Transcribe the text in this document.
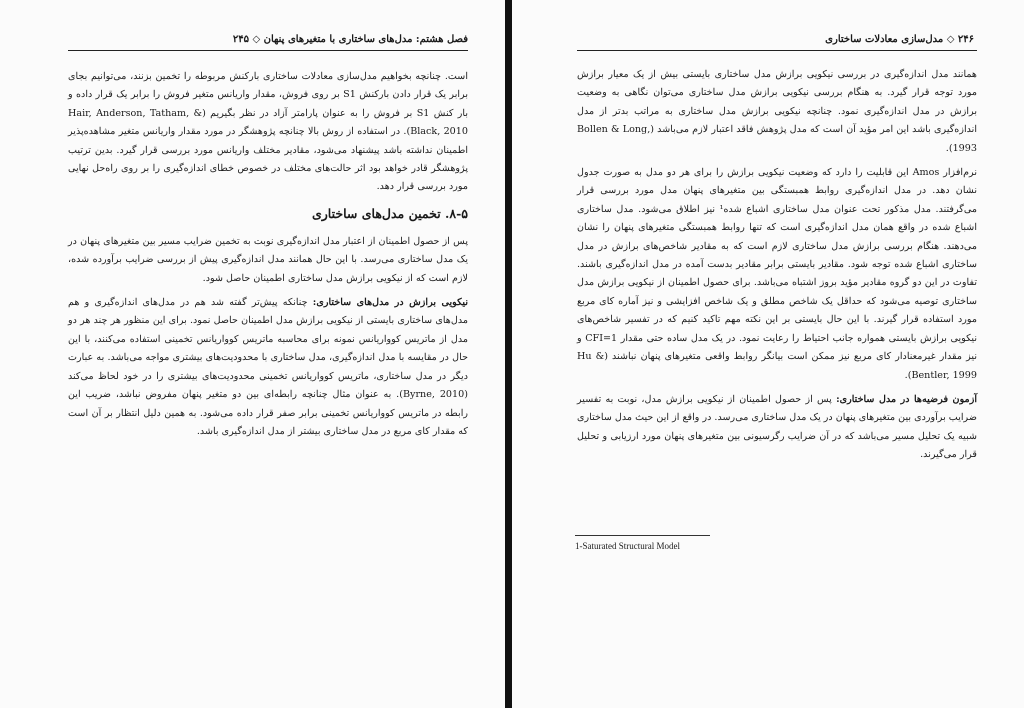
فصل هشتم: مدل‌های ساختاری با متغیرهای پنهان ◇ ۲۴۵

است. چنانچه بخواهیم مدل‌سازی معادلات ساختاری بارکنش مربوطه را تخمین بزنند، می‌توانیم بجای برابر یک قرار دادن بارکنش S1 بر روی فروش، مقدار واریانس متغیر فروش را برابر یک قرار داده و بار کنش S1 بر فروش را به عنوان پارامتر آزاد در نظر بگیریم (Hair, Anderson, Tatham, & Black, 2010). در استفاده از روش بالا چنانچه پژوهشگر در مورد مقدار واریانس متغیر مشاهده‌پذیر اطمینان نداشته باشد پیشنهاد می‌شود، مقادیر مختلف واریانس مورد بررسی قرار گیرد. بدین ترتیب پژوهشگر قادر خواهد بود اثر حالت‌های مختلف در خصوص خطای اندازه‌گیری را بر روی راه‌حل نهایی مورد بررسی قرار دهد.

۸-۵. تخمین مدل‌های ساختاری

پس از حصول اطمینان از اعتبار مدل اندازه‌گیری نوبت به تخمین ضرایب مسیر بین متغیرهای پنهان در یک مدل ساختاری می‌رسد. با این حال همانند مدل اندازه‌گیری پیش از بررسی ضرایب برآورده شده، لازم است که از نیکویی برازش مدل ساختاری اطمینان حاصل شود.

نیکویی برازش در مدل‌های ساختاری: چنانکه پیش‌تر گفته شد هم در مدل‌های اندازه‌گیری و هم مدل‌های ساختاری بایستی از نیکویی برازش مدل اطمینان حاصل نمود. برای این منظور هر چند هر دو مدل از ماتریس کوواریانس نمونه برای محاسبه ماتریس کوواریانس تخمینی استفاده می‌کنند، با این حال در مقایسه با مدل اندازه‌گیری، مدل ساختاری با محدودیت‌های بیشتری مواجه می‌باشد. به عبارت دیگر در مدل ساختاری، ماتریس کوواریانس تخمینی محدودیت‌های بیشتری را در خود لحاظ می‌کند (Byrne, 2010). به عنوان مثال چنانچه رابطه‌ای بین دو متغیر پنهان مفروض نباشد، ضریب این رابطه در ماتریس کوواریانس تخمینی برابر صفر قرار داده می‌شود. به همین دلیل انتظار بر آن است که مقدار کای مربع در مدل ساختاری بیشتر از مدل اندازه‌گیری باشد.

۲۴۶ ◇ مدل‌سازی معادلات ساختاری

همانند مدل اندازه‌گیری در بررسی نیکویی برازش مدل ساختاری بایستی بیش از یک معیار برازش مورد توجه قرار گیرد. به هنگام بررسی نیکویی برازش مدل ساختاری می‌توان نگاهی به وضعیت برازش در مدل اندازه‌گیری نمود. چنانچه نیکویی برازش مدل ساختاری به مراتب بدتر از مدل اندازه‌گیری باشد این امر مؤید آن است که مدل پژوهش فاقد اعتبار لازم می‌باشد (Bollen & Long, 1993).

نرم‌افزار Amos این قابلیت را دارد که وضعیت نیکویی برازش را برای هر دو مدل به صورت جدول نشان دهد. در مدل اندازه‌گیری روابط همبستگی بین متغیرهای پنهان مدل مورد بررسی قرار می‌گرفتند. مدل مذکور تحت عنوان مدل ساختاری اشباع شده¹ نیز اطلاق می‌شود. مدل ساختاری اشباع شده در واقع همان مدل اندازه‌گیری است که تنها روابط همبستگی متغیرهای پنهان را نشان می‌دهند. هنگام بررسی برازش مدل ساختاری لازم است که به مقادیر شاخص‌های برازش در مدل ساختاری اشباع شده توجه شود. مقادیر بایستی برابر مقادیر بدست آمده در مدل اندازه‌گیری باشند. تفاوت در این دو گروه مقادیر مؤید بروز اشتباه می‌باشد. برای حصول اطمینان از نیکویی برازش مدل ساختاری توصیه می‌شود که حداقل یک شاخص مطلق و یک شاخص افزایشی و نیز آماره کای مربع مورد استفاده قرار گیرند. با این حال بایستی بر این نکته مهم تاکید کنیم که در تفسیر شاخص‌های نیکویی برازش بایستی همواره جانب احتیاط را رعایت نمود. در یک مدل ساده حتی مقدار CFI=1 و نیز مقدار غیرمعنادار کای مربع نیز ممکن است بیانگر روابط واقعی متغیرهای پنهان نباشند (Hu & Bentler, 1999).

آزمون فرضیه‌ها در مدل ساختاری: پس از حصول اطمینان از نیکویی برازش مدل، نوبت به تفسیر ضرایب برآوردی بین متغیرهای پنهان در یک مدل ساختاری می‌رسد. در واقع از این حیث مدل ساختاری شبیه یک تحلیل مسیر می‌باشد که در آن ضرایب رگرسیونی بین متغیرهای پنهان مورد ارزیابی و تحلیل قرار می‌گیرند.

1-Saturated Structural Model
